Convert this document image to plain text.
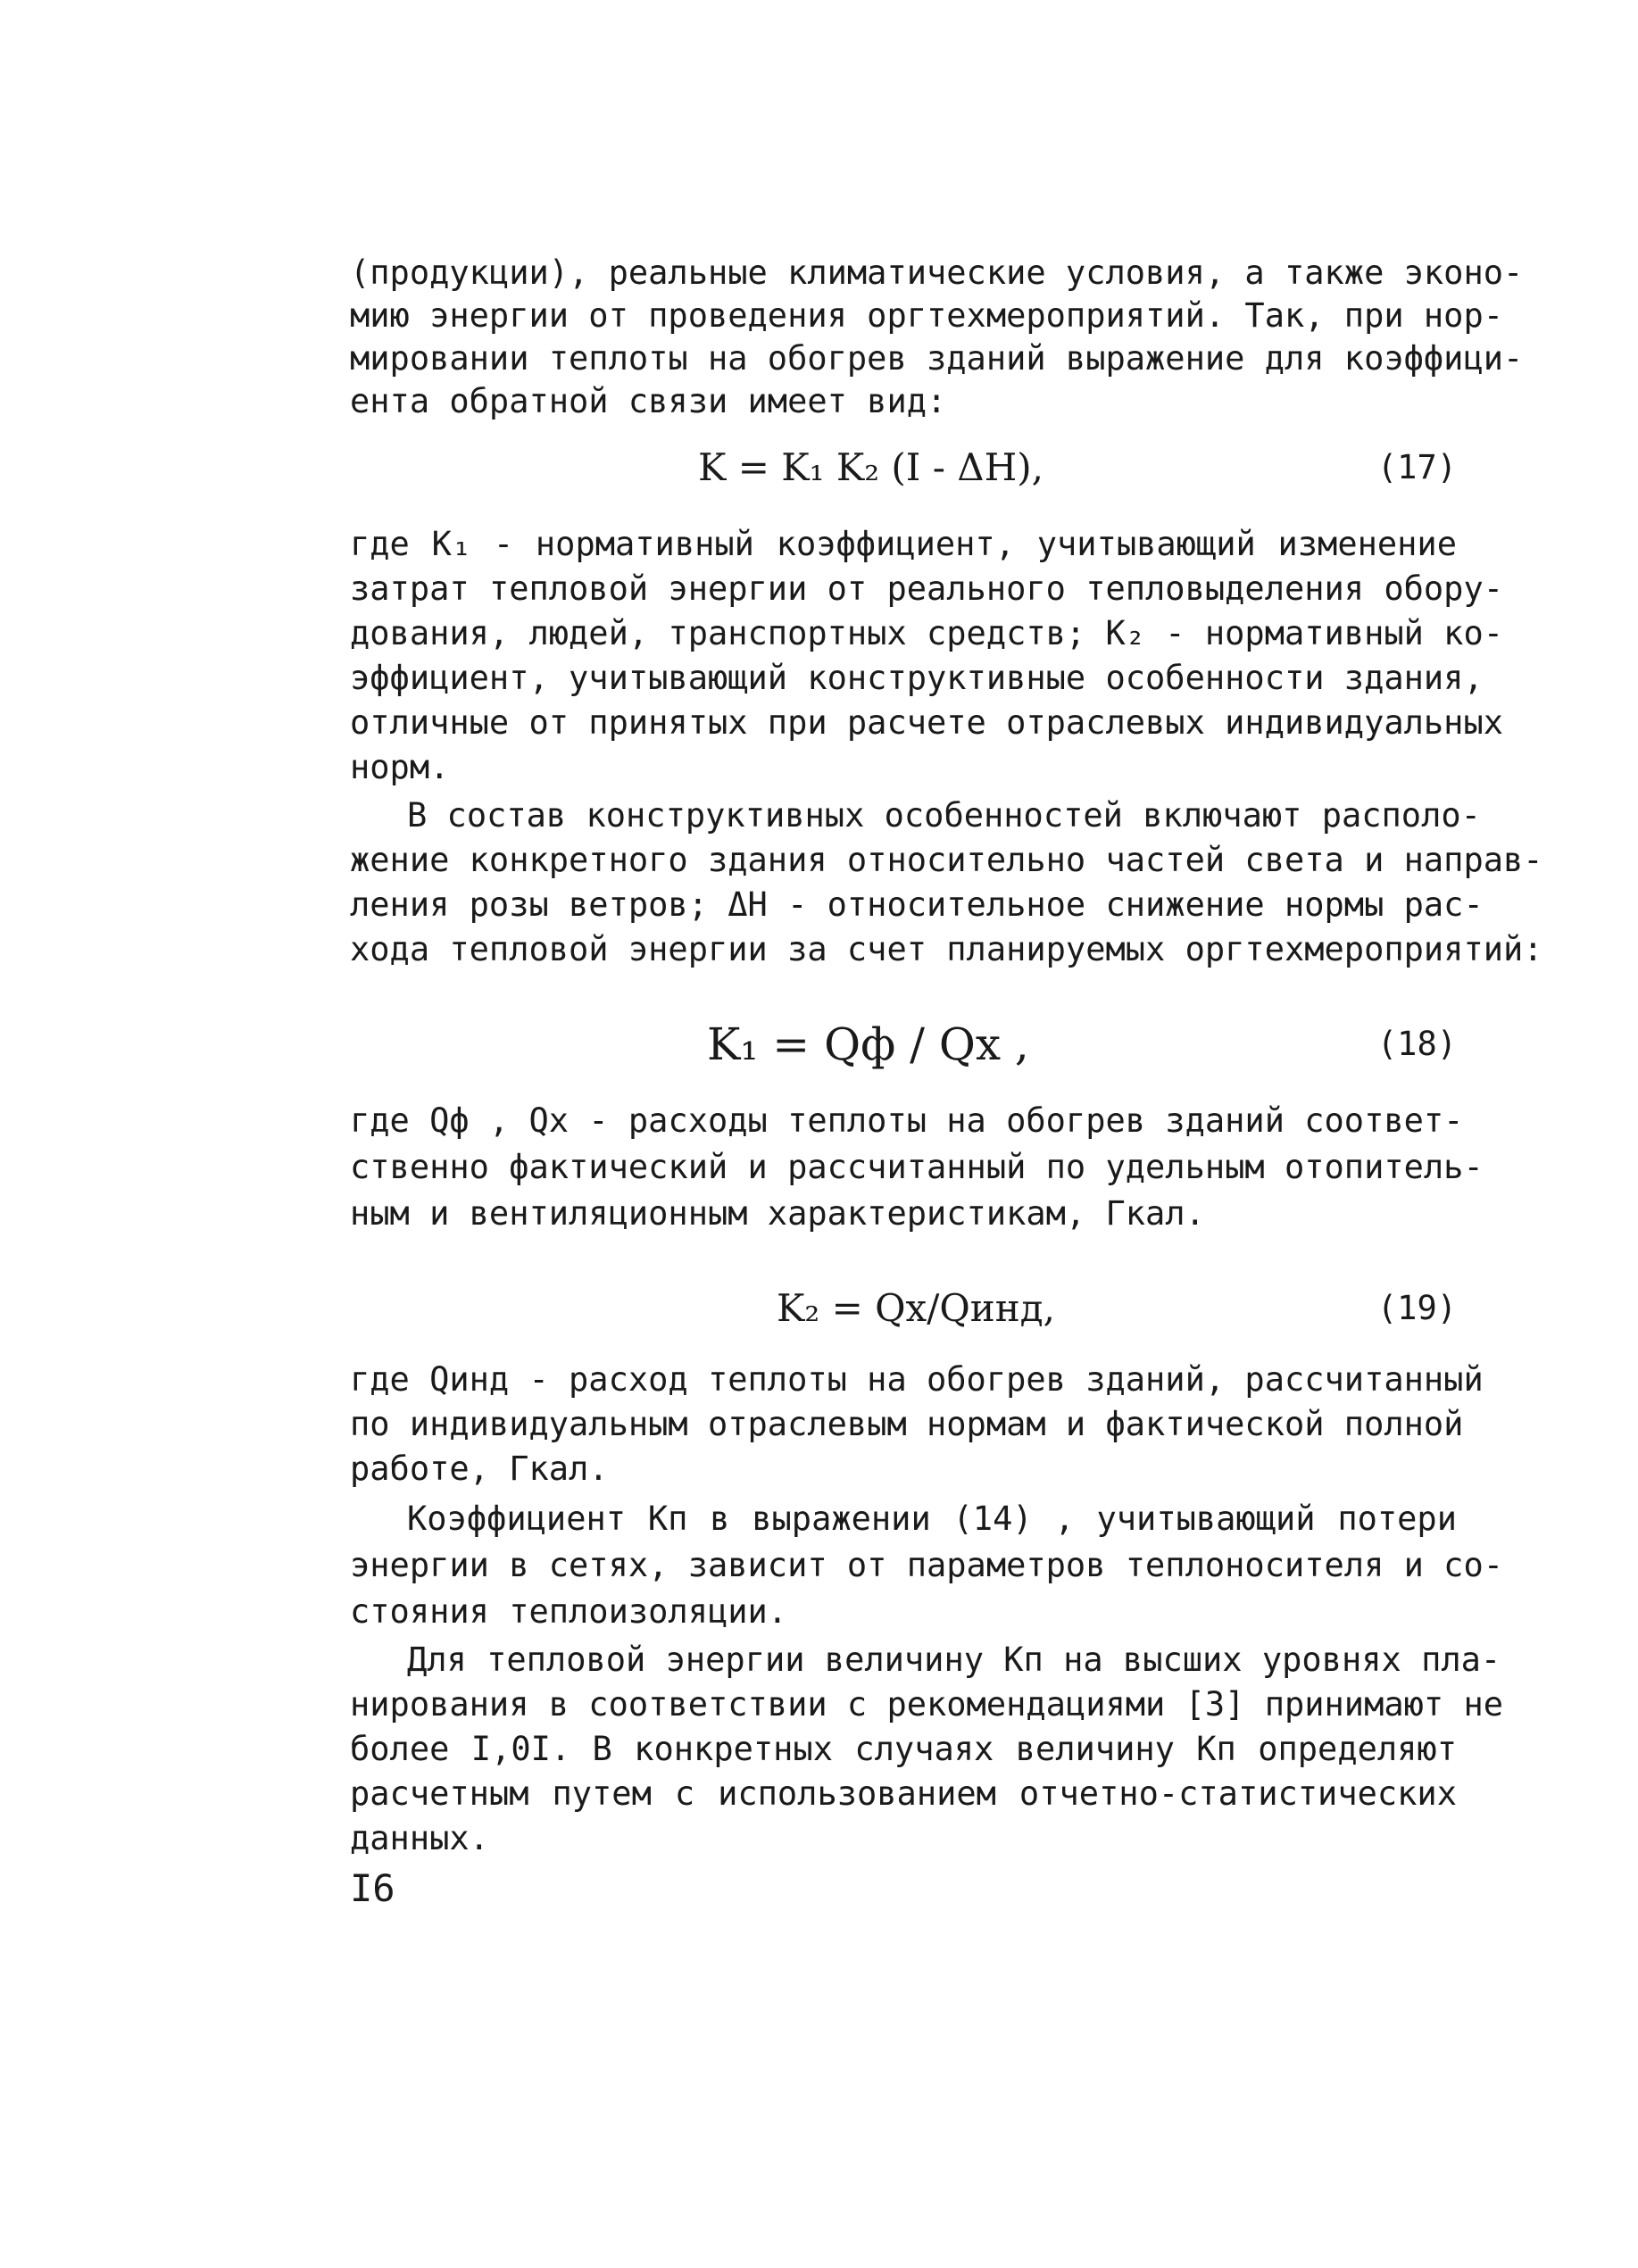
(продукции), реальные климатические условия, а также эконо-
мию энергии от проведения оргтехмероприятий. Так, при нор-
мировании теплоты на обогрев зданий выражение для коэффици-
ента обратной связи имеет вид:
K = K₁ K₂ (I - ΔH),	(17)
где K₁ - нормативный коэффициент, учитывающий изменение
затрат тепловой энергии от реального тепловыделения обору-
дования, людей, транспортных средств; K₂ - нормативный ко-
эффициент, учитывающий конструктивные особенности здания,
отличные от принятых при расчете отраслевых индивидуальных
норм.
В состав конструктивных особенностей включают располо-
жение конкретного здания относительно частей света и направ-
ления розы ветров; ΔH - относительное снижение нормы рас-
хода тепловой энергии за счет планируемых оргтехмероприятий:
K₁ = Qф / Qх ,	(18)
где Qф , Qх - расходы теплоты на обогрев зданий соответ-
ственно фактический и рассчитанный по удельным отопитель-
ным и вентиляционным характеристикам, Гкал.
K₂ = Qх/Qинд,	(19)
где Qинд - расход теплоты на обогрев зданий, рассчитанный
по индивидуальным отраслевым нормам и фактической полной
работе, Гкал.
Коэффициент Kп в выражении (14) , учитывающий потери
энергии в сетях, зависит от параметров теплоносителя и со-
стояния теплоизоляции.
Для тепловой энергии величину Kп на высших уровнях пла-
нирования в соответствии с рекомендациями [3] принимают не
более I,0I. В конкретных случаях величину Kп определяют
расчетным путем с использованием отчетно-статистических
данных.
I6
